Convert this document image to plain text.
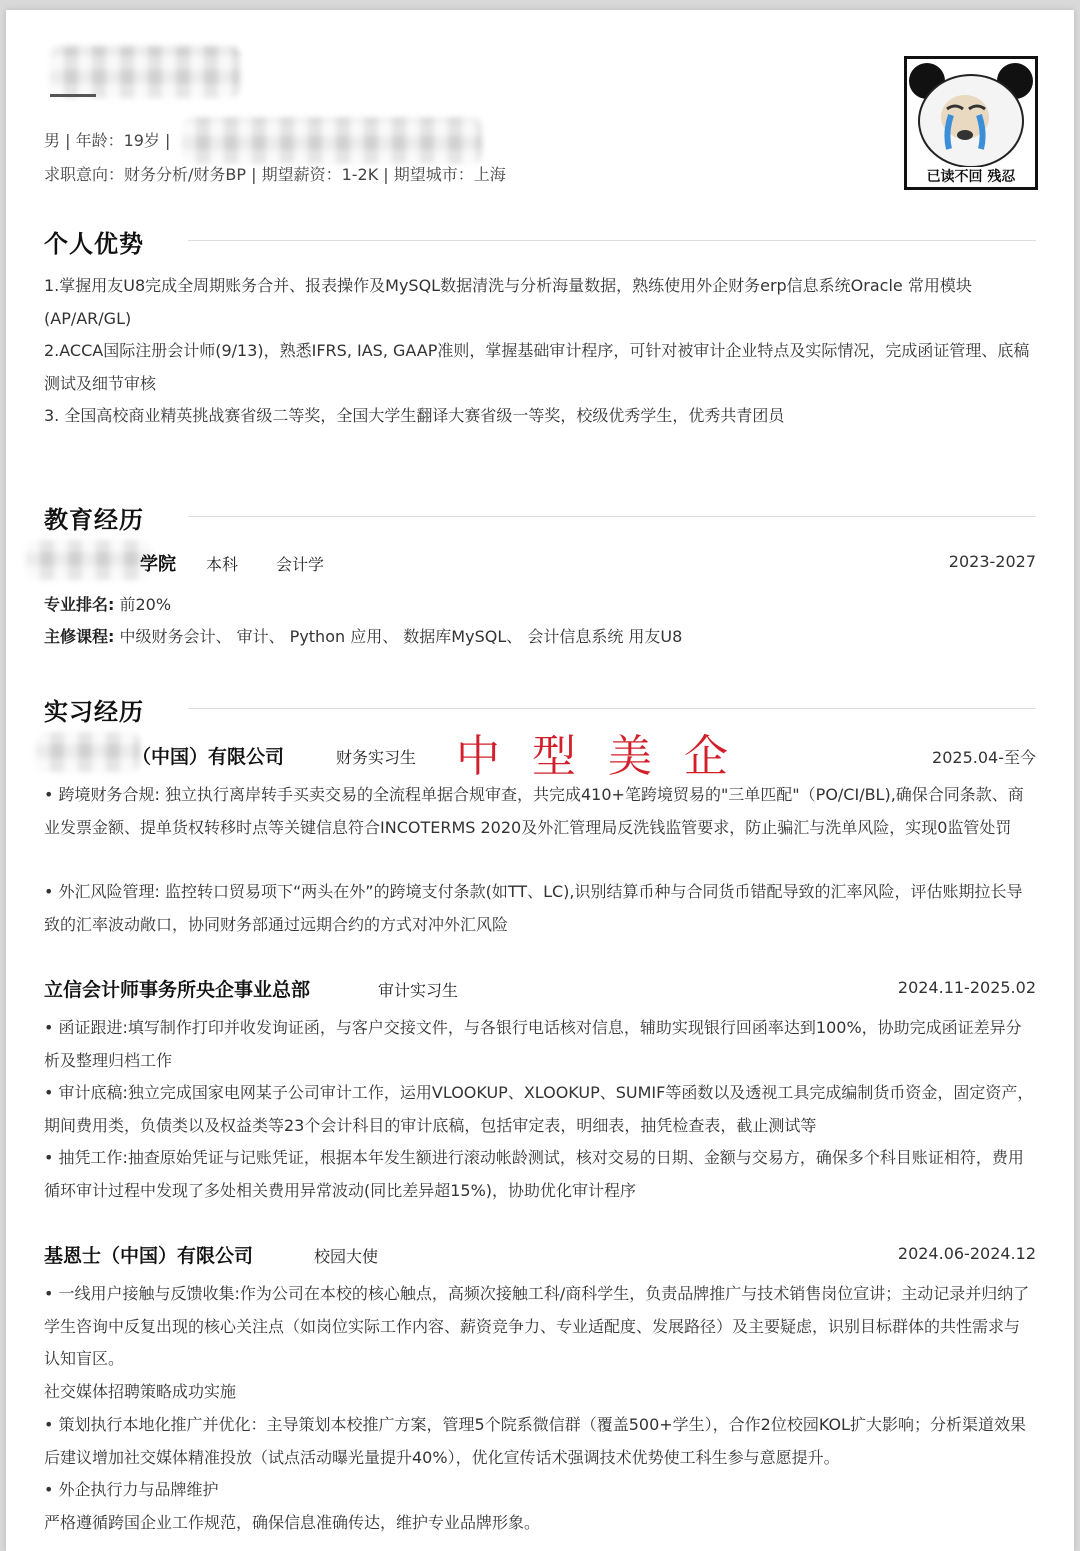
男 | 年龄：19岁 |
求职意向：财务分析/财务BP | 期望薪资：1-2K | 期望城市：上海	已读不回 残忍
个人优势
1.掌握用友U8完成全周期账务合并、报表操作及MySQL数据清洗与分析海量数据，熟练使用外企财务erp信息系统Oracle 常用模块(AP/AR/GL)
2.ACCA国际注册会计师(9/13)，熟悉IFRS, IAS, GAAP准则，掌握基础审计程序，可针对被审计企业特点及实际情况，完成函证管理、底稿测试及细节审核
3. 全国高校商业精英挑战赛省级二等奖，全国大学生翻译大赛省级一等奖，校级优秀学生，优秀共青团员
教育经历
学院 本科 会计学	2023-2027
专业排名: 前20%
主修课程: 中级财务会计、 审计、 Python 应用、 数据库MySQL、 会计信息系统 用友U8
实习经历
（中国）有限公司	财务实习生 中型美企	2025.04-至今
• 跨境财务合规: 独立执行离岸转手买卖交易的全流程单据合规审查，共完成410+笔跨境贸易的"三单匹配"（PO/CI/BL),确保合同条款、商业发票金额、提单货权转移时点等关键信息符合INCOTERMS 2020及外汇管理局反洗钱监管要求，防止骗汇与洗单风险，实现0监管处罚
• 外汇风险管理: 监控转口贸易项下“两头在外”的跨境支付条款(如TT、LC),识别结算币种与合同货币错配导致的汇率风险，评估账期拉长导致的汇率波动敞口，协同财务部通过远期合约的方式对冲外汇风险
立信会计师事务所央企事业总部	审计实习生	2024.11-2025.02
• 函证跟进:填写制作打印并收发询证函，与客户交接文件，与各银行电话核对信息，辅助实现银行回函率达到100%，协助完成函证差异分析及整理归档工作
• 审计底稿:独立完成国家电网某子公司审计工作，运用VLOOKUP、XLOOKUP、SUMIF等函数以及透视工具完成编制货币资金，固定资产，期间费用类，负债类以及权益类等23个会计科目的审计底稿，包括审定表，明细表，抽凭检查表，截止测试等
• 抽凭工作:抽查原始凭证与记账凭证，根据本年发生额进行滚动帐龄测试，核对交易的日期、金额与交易方，确保多个科目账证相符，费用循环审计过程中发现了多处相关费用异常波动(同比差异超15%)，协助优化审计程序
基恩士（中国）有限公司	校园大使	2024.06-2024.12
• 一线用户接触与反馈收集:作为公司在本校的核心触点，高频次接触工科/商科学生，负责品牌推广与技术销售岗位宣讲；主动记录并归纳了学生咨询中反复出现的核心关注点（如岗位实际工作内容、薪资竞争力、专业适配度、发展路径）及主要疑虑，识别目标群体的共性需求与认知盲区。
社交媒体招聘策略成功实施
• 策划执行本地化推广并优化：主导策划本校推广方案，管理5个院系微信群（覆盖500+学生），合作2位校园KOL扩大影响；分析渠道效果后建议增加社交媒体精准投放（试点活动曝光量提升40%），优化宣传话术强调技术优势使工科生参与意愿提升。
• 外企执行力与品牌维护
严格遵循跨国企业工作规范，确保信息准确传达，维护专业品牌形象。
